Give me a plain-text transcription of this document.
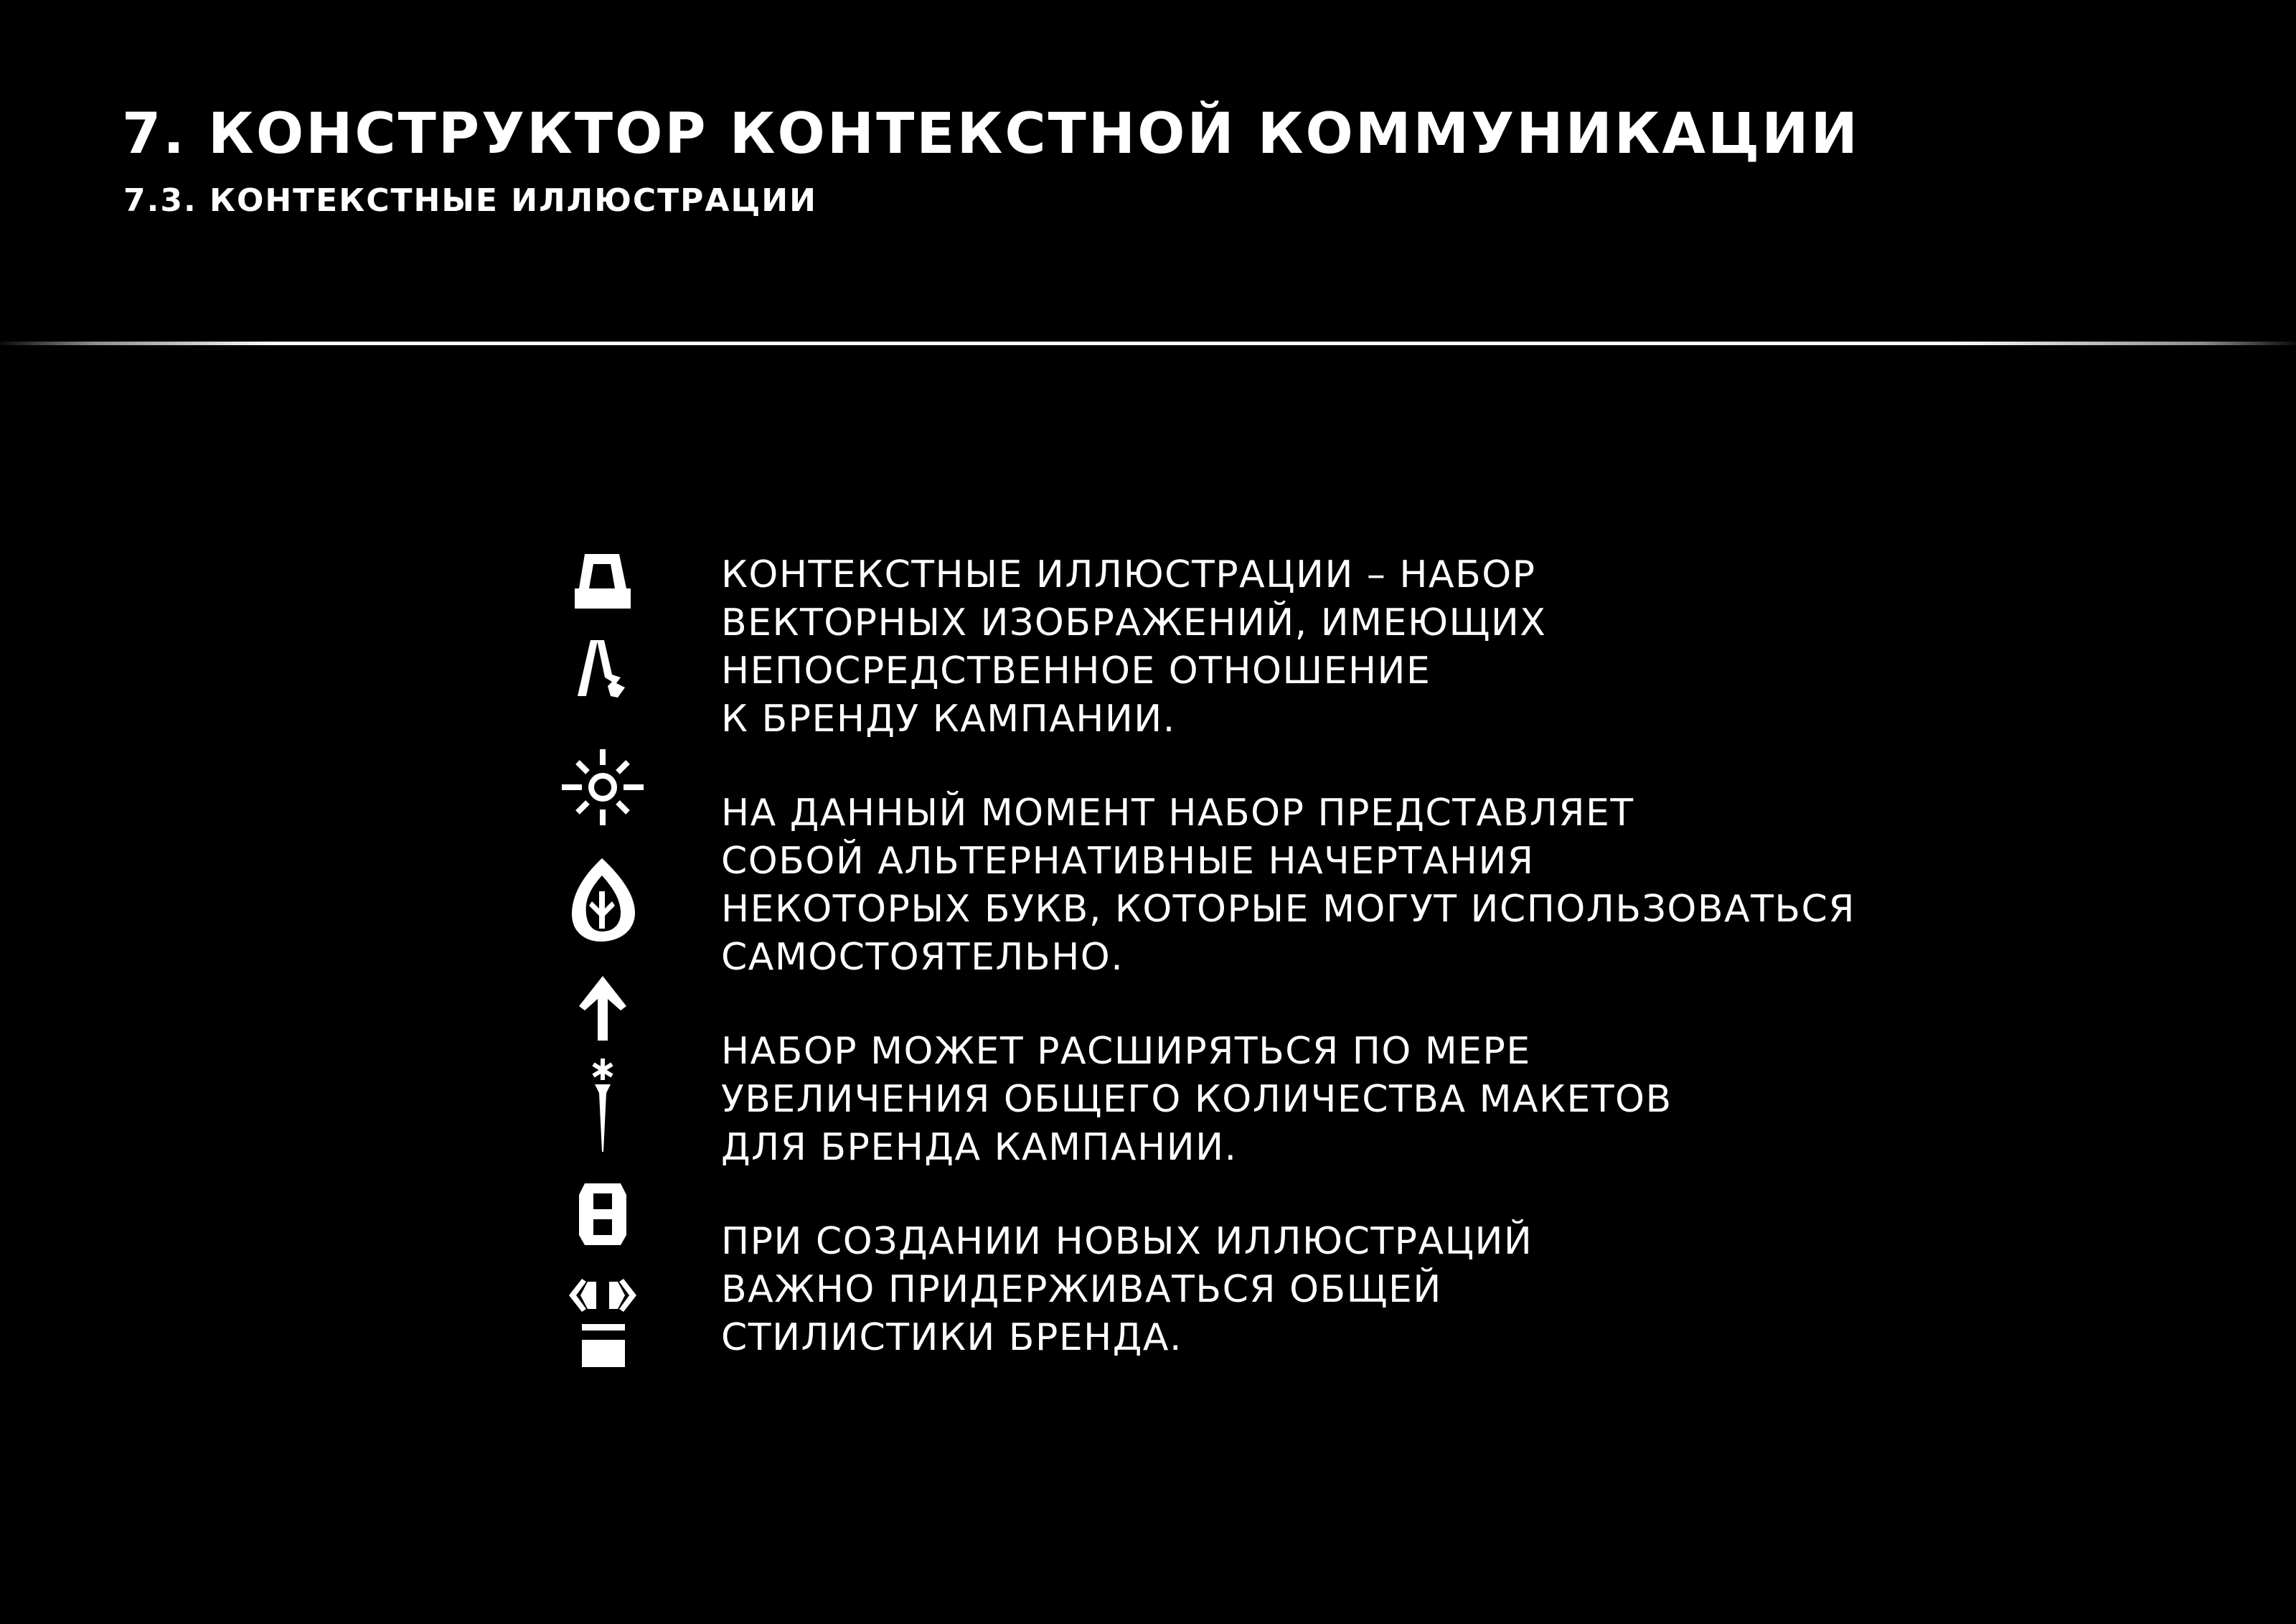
7. КОНСТРУКТОР КОНТЕКСТНОЙ КОММУНИКАЦИИ
7.3. КОНТЕКСТНЫЕ ИЛЛЮСТРАЦИИ

КОНТЕКСТНЫЕ ИЛЛЮСТРАЦИИ – НАБОР
ВЕКТОРНЫХ ИЗОБРАЖЕНИЙ, ИМЕЮЩИХ
НЕПОСРЕДСТВЕННОЕ ОТНОШЕНИЕ
К БРЕНДУ КАМПАНИИ.

НА ДАННЫЙ МОМЕНТ НАБОР ПРЕДСТАВЛЯЕТ
СОБОЙ АЛЬТЕРНАТИВНЫЕ НАЧЕРТАНИЯ
НЕКОТОРЫХ БУКВ, КОТОРЫЕ МОГУТ ИСПОЛЬЗОВАТЬСЯ
САМОСТОЯТЕЛЬНО.

НАБОР МОЖЕТ РАСШИРЯТЬСЯ ПО МЕРЕ
УВЕЛИЧЕНИЯ ОБЩЕГО КОЛИЧЕСТВА МАКЕТОВ
ДЛЯ БРЕНДА КАМПАНИИ.

ПРИ СОЗДАНИИ НОВЫХ ИЛЛЮСТРАЦИЙ
ВАЖНО ПРИДЕРЖИВАТЬСЯ ОБЩЕЙ
СТИЛИСТИКИ БРЕНДА.
